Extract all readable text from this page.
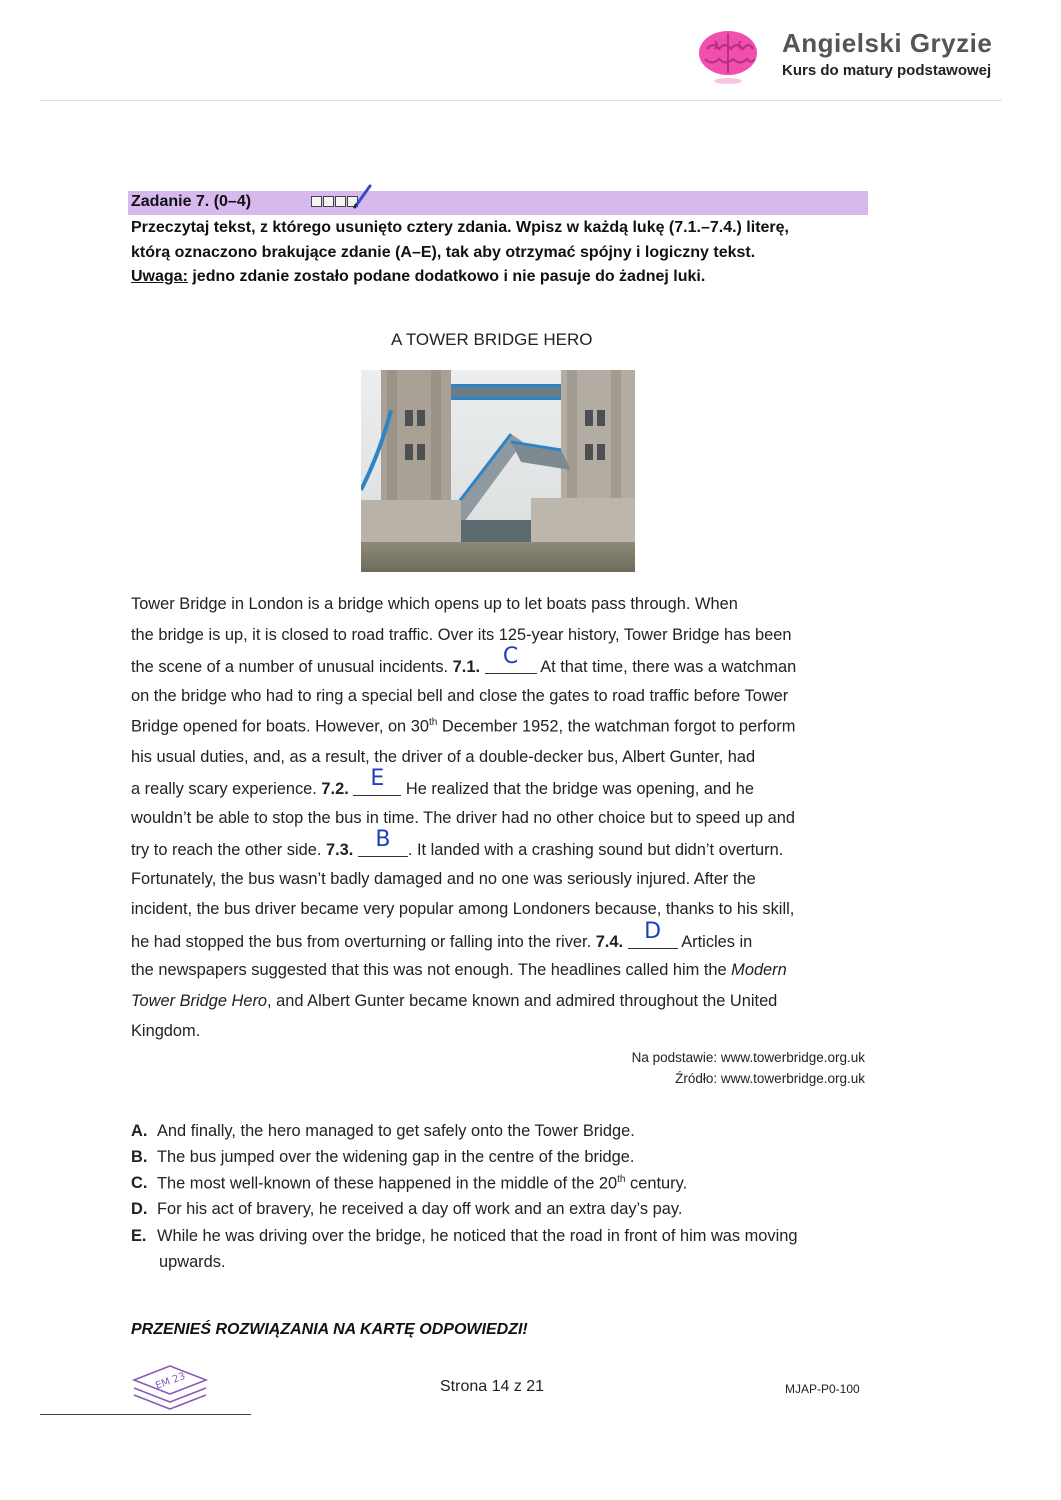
Angielski Gryzie
Kurs do matury podstawowej
Zadanie 7. (0–4)
Przeczytaj tekst, z którego usunięto cztery zdania. Wpisz w każdą lukę (7.1.–7.4.) literę,
którą oznaczono brakujące zdanie (A–E), tak aby otrzymać spójny i logiczny tekst.
Uwaga: jedno zdanie zostało podane dodatkowo i nie pasuje do żadnej luki.
A TOWER BRIDGE HERO
Tower Bridge in London is a bridge which opens up to let boats pass through. When
the bridge is up, it is closed to road traffic. Over its 125-year history, Tower Bridge has been
the scene of a number of unusual incidents. 7.1.	C	At that time, there was a watchman
on the bridge who had to ring a special bell and close the gates to road traffic before Tower
Bridge opened for boats. However, on 30th December 1952, the watchman forgot to perform
his usual duties, and, as a result, the driver of a double-decker bus, Albert Gunter, had
a really scary experience. 7.2. E	He realized that the bridge was opening, and he
wouldn’t be able to stop the bus in time. The driver had no other choice but to speed up and
try to reach the other side. 7.3.	B	. It landed with a crashing sound but didn’t overturn.
Fortunately, the bus wasn’t badly damaged and no one was seriously injured. After the
incident, the bus driver became very popular among Londoners because, thanks to his skill,
he had stopped the bus from overturning or falling into the river. 7.4. D	Articles in
the newspapers suggested that this was not enough. The headlines called him the Modern
Tower Bridge Hero, and Albert Gunter became known and admired throughout the United
Kingdom.
Na podstawie: www.towerbridge.org.uk
Źródło: www.towerbridge.org.uk
A. And finally, the hero managed to get safely onto the Tower Bridge.
B. The bus jumped over the widening gap in the centre of the bridge.
C. The most well-known of these happened in the middle of the 20th century.
D. For his act of bravery, he received a day off work and an extra day’s pay.
E. While he was driving over the bridge, he noticed that the road in front of him was moving
upwards.
PRZENIEŚ ROZWIĄZANIA NA KARTĘ ODPOWIEDZI!
EM 23	Strona 14 z 21	MJAP-P0-100
